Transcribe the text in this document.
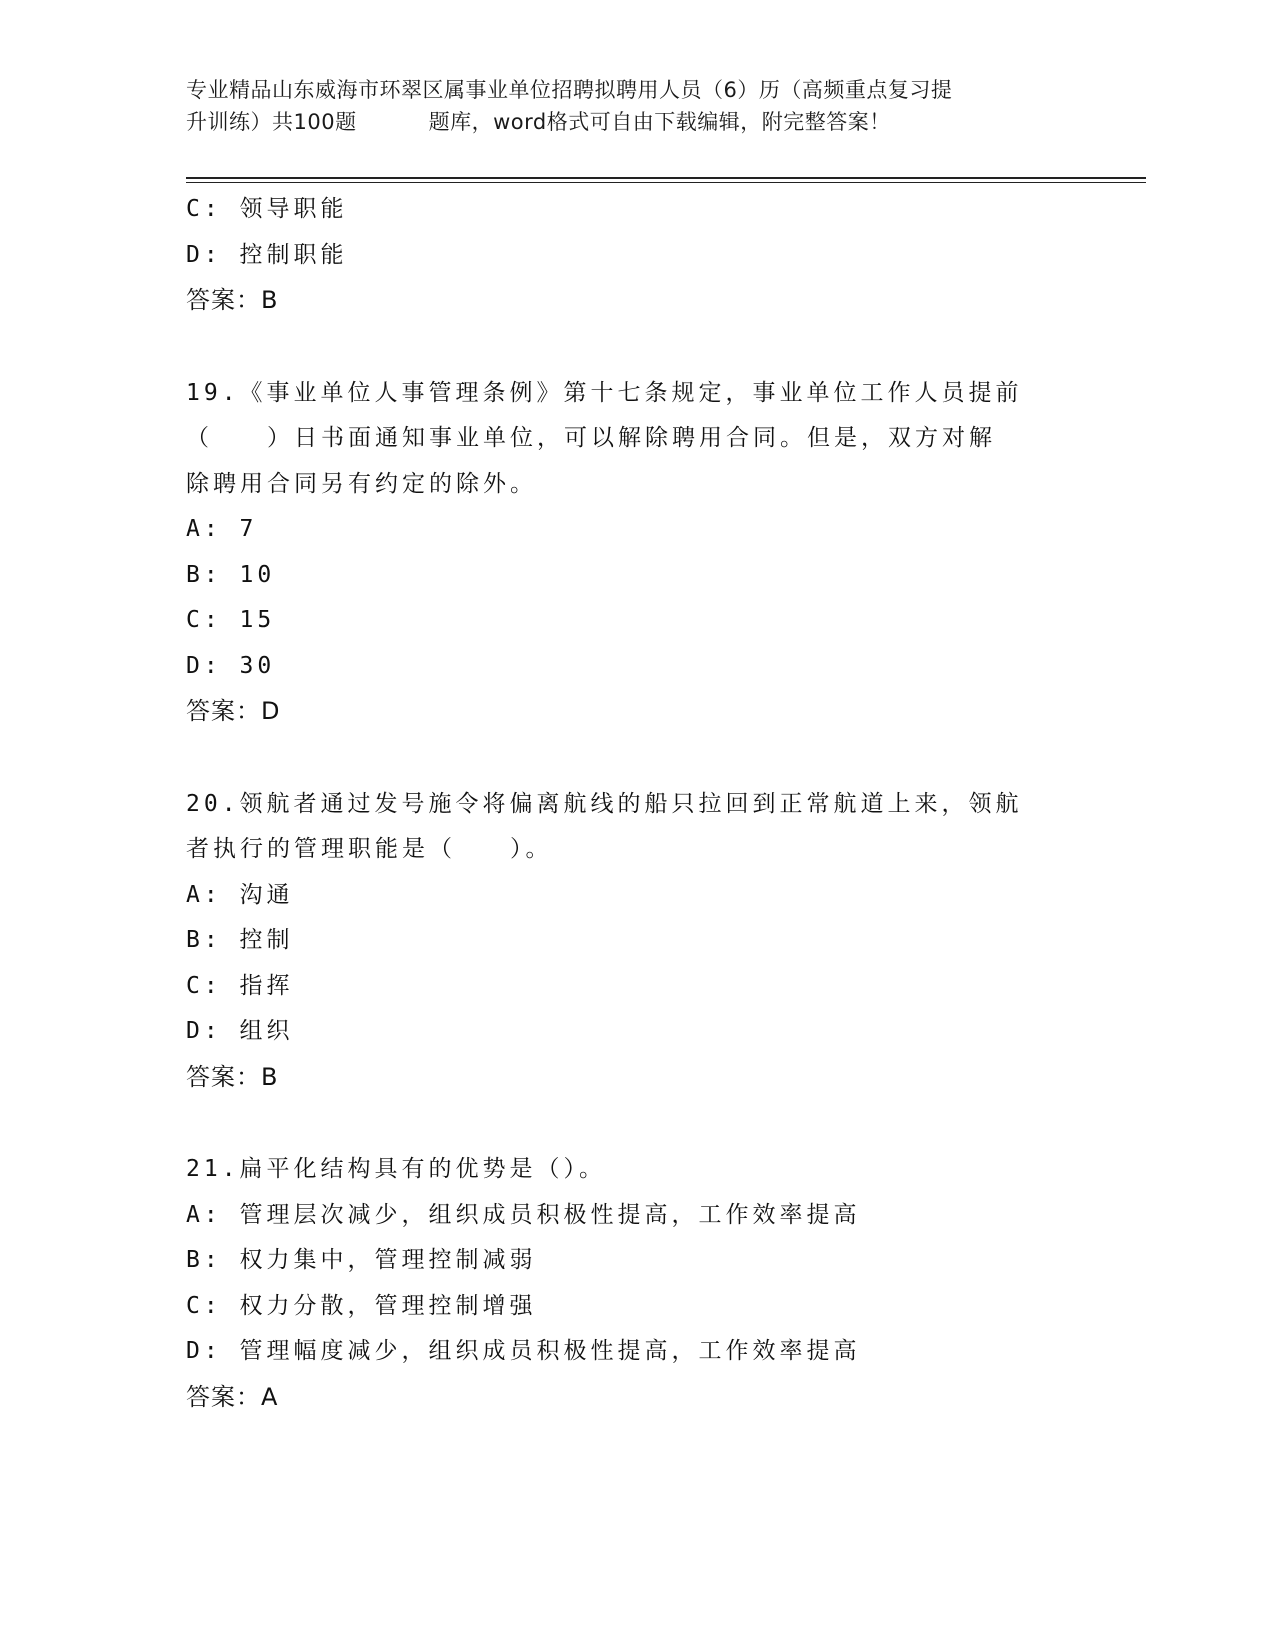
专业精品山东威海市环翠区属事业单位招聘拟聘用人员（6）历（高频重点复习提
升训练）共100题	题库，word格式可自由下载编辑，附完整答案！
C: 领导职能
D: 控制职能
答案：B
19.《事业单位人事管理条例》第十七条规定，事业单位工作人员提前
（　　）日书面通知事业单位，可以解除聘用合同。但是，双方对解
除聘用合同另有约定的除外。
A: 7
B: 10
C: 15
D: 30
答案：D
20.领航者通过发号施令将偏离航线的船只拉回到正常航道上来，领航
者执行的管理职能是（　　）。
A: 沟通
B: 控制
C: 指挥
D: 组织
答案：B
21.扁平化结构具有的优势是（）。
A: 管理层次减少，组织成员积极性提高，工作效率提高
B: 权力集中，管理控制减弱
C: 权力分散，管理控制增强
D: 管理幅度减少，组织成员积极性提高，工作效率提高
答案：A
